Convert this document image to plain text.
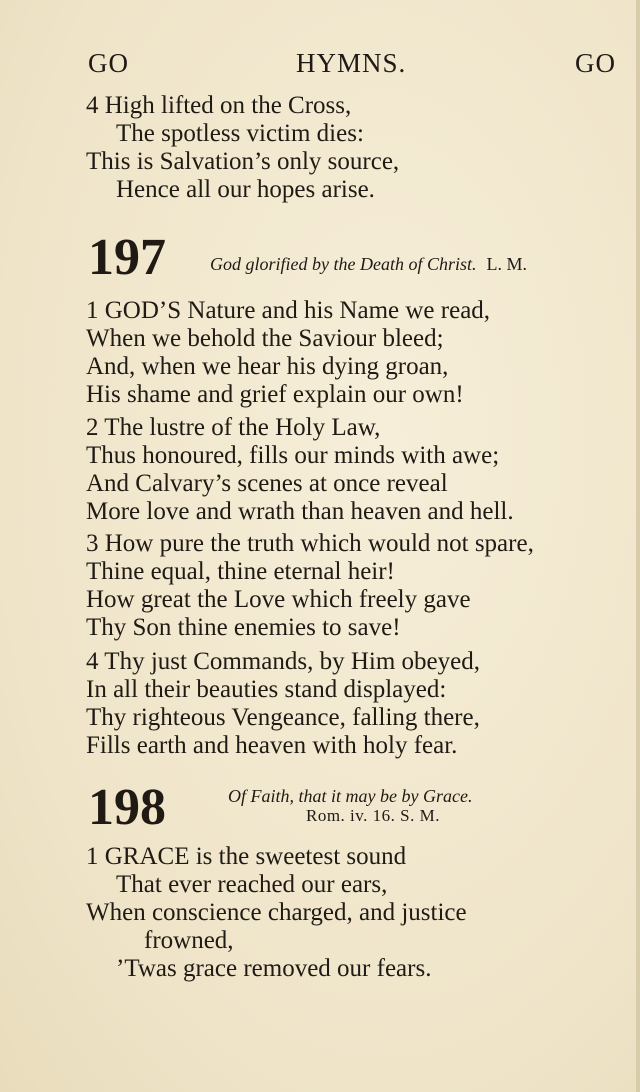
GO	HYMNS.	GO
4 High lifted on the Cross,
The spotless victim dies:
This is Salvation’s only source,
Hence all our hopes arise.
197 God glorified by the Death of Christ. L. M.
1 GOD’S Nature and his Name we read,
When we behold the Saviour bleed;
And, when we hear his dying groan,
His shame and grief explain our own!
2 The lustre of the Holy Law,
Thus honoured, fills our minds with awe;
And Calvary’s scenes at once reveal
More love and wrath than heaven and hell.
3 How pure the truth which would not spare,
Thine equal, thine eternal heir!
How great the Love which freely gave
Thy Son thine enemies to save!
4 Thy just Commands, by Him obeyed,
In all their beauties stand displayed:
Thy righteous Vengeance, falling there,
Fills earth and heaven with holy fear.
198	Of Faith, that it may be by Grace.
Rom. iv. 16. S. M.
1 GRACE is the sweetest sound
That ever reached our ears,
When conscience charged, and justice
frowned,
’Twas grace removed our fears.
